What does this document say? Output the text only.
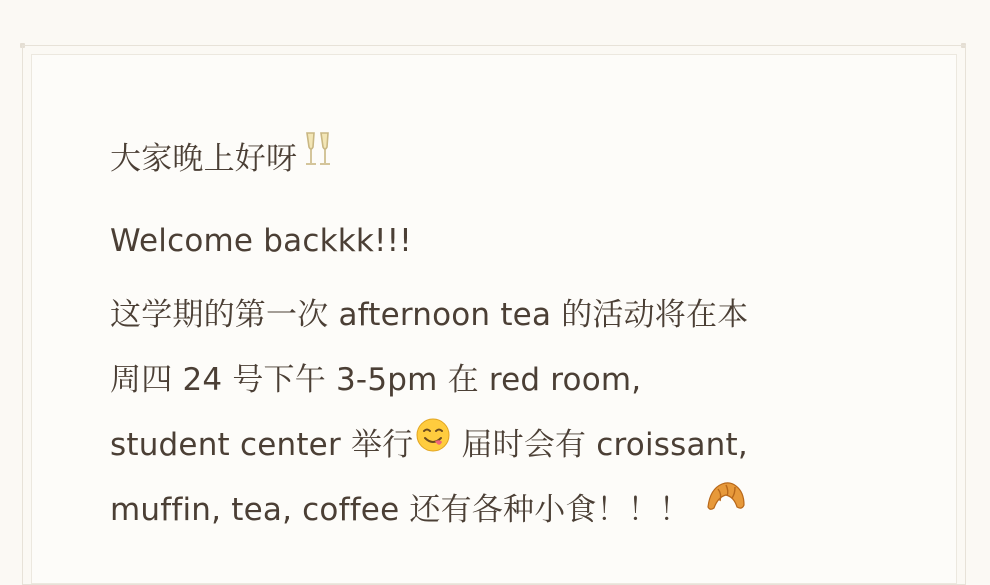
大家晚上好呀

Welcome backkk!!!

这学期的第一次 afternoon tea 的活动将在本
周四 24 号下午 3-5pm 在 red room,
student center 举行 届时会有 croissant,
muffin, tea, coffee 还有各种小食！！！
